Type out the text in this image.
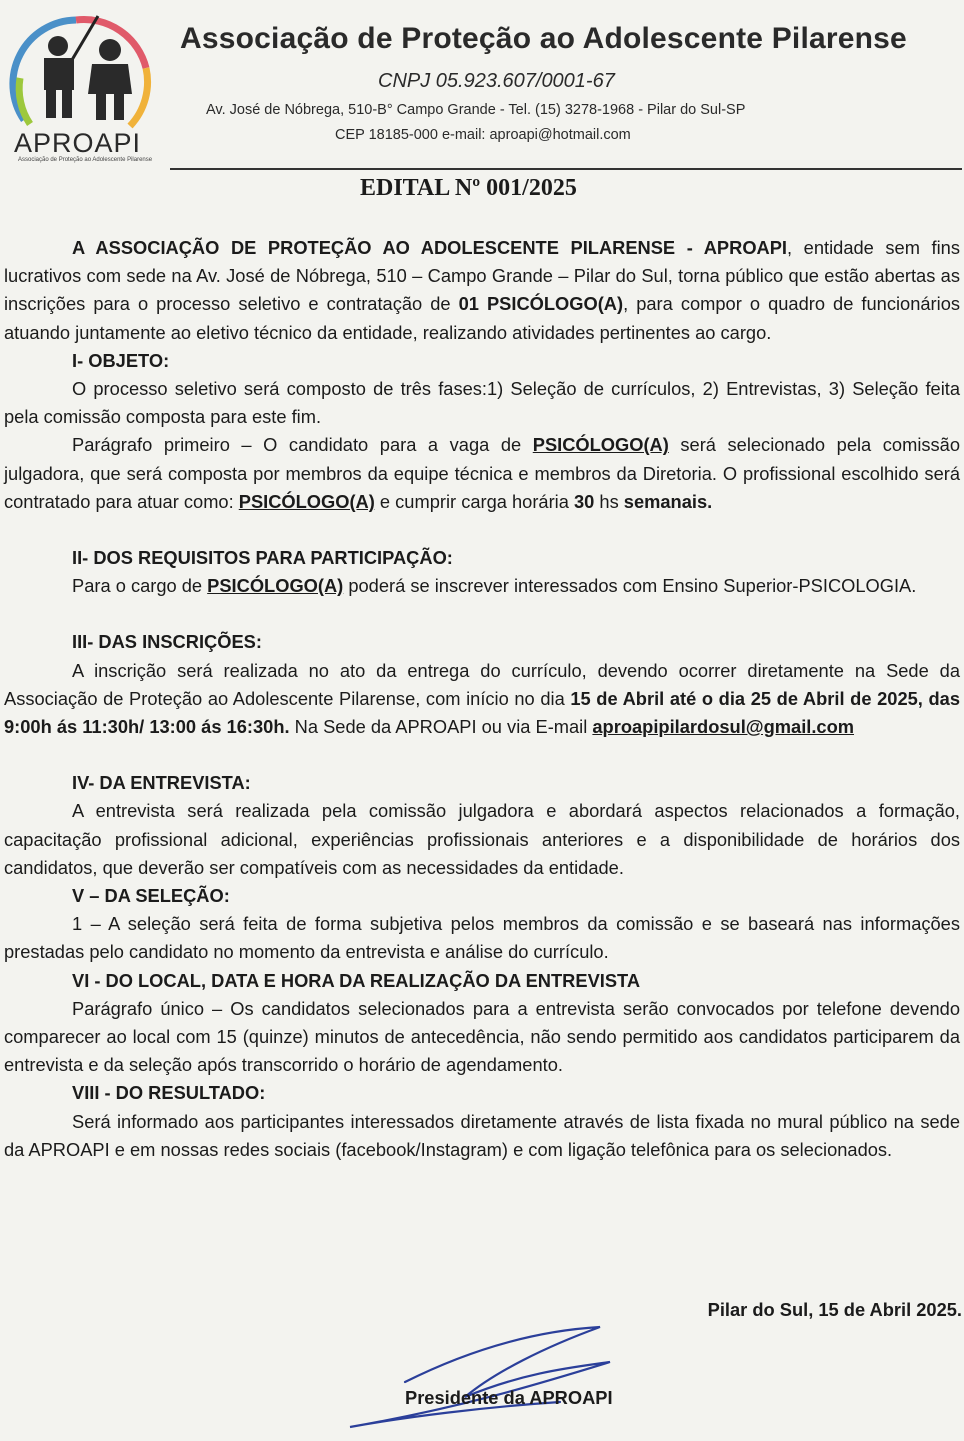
APROAPI
Associação de Proteção ao Adolescente Pilarense
Associação de Proteção ao Adolescente Pilarense
CNPJ 05.923.607/0001-67
Av. José de Nóbrega, 510-B° Campo Grande - Tel. (15) 3278-1968 - Pilar do Sul-SP
CEP 18185-000 e-mail: aproapi@hotmail.com
EDITAL Nº 001/2025

A ASSOCIAÇÃO DE PROTEÇÃO AO ADOLESCENTE PILARENSE - APROAPI, entidade sem fins lucrativos com sede na Av. José de Nóbrega, 510 – Campo Grande – Pilar do Sul, torna público que estão abertas as inscrições para o processo seletivo e contratação de 01 PSICÓLOGO(A), para compor o quadro de funcionários atuando juntamente ao eletivo técnico da entidade, realizando atividades pertinentes ao cargo.

I- OBJETO:

O processo seletivo será composto de três fases:1) Seleção de currículos, 2) Entrevistas, 3) Seleção feita pela comissão composta para este fim.

Parágrafo primeiro – O candidato para a vaga de PSICÓLOGO(A) será selecionado pela comissão julgadora, que será composta por membros da equipe técnica e membros da Diretoria. O profissional escolhido será contratado para atuar como: PSICÓLOGO(A) e cumprir carga horária 30 hs semanais.

II- DOS REQUISITOS PARA PARTICIPAÇÃO:

Para o cargo de PSICÓLOGO(A) poderá se inscrever interessados com Ensino Superior-PSICOLOGIA.

III- DAS INSCRIÇÕES:

A inscrição será realizada no ato da entrega do currículo, devendo ocorrer diretamente na Sede da Associação de Proteção ao Adolescente Pilarense, com início no dia 15 de Abril até o dia 25 de Abril de 2025, das 9:00h ás 11:30h/ 13:00 ás 16:30h. Na Sede da APROAPI ou via E-mail aproapipilardosul@gmail.com

IV- DA ENTREVISTA:

A entrevista será realizada pela comissão julgadora e abordará aspectos relacionados a formação, capacitação profissional adicional, experiências profissionais anteriores e a disponibilidade de horários dos candidatos, que deverão ser compatíveis com as necessidades da entidade.

V – DA SELEÇÃO:

1 – A seleção será feita de forma subjetiva pelos membros da comissão e se baseará nas informações prestadas pelo candidato no momento da entrevista e análise do currículo.

VI - DO LOCAL, DATA E HORA DA REALIZAÇÃO DA ENTREVISTA

Parágrafo único – Os candidatos selecionados para a entrevista serão convocados por telefone devendo comparecer ao local com 15 (quinze) minutos de antecedência, não sendo permitido aos candidatos participarem da entrevista e da seleção após transcorrido o horário de agendamento.

VIII - DO RESULTADO:

Será informado aos participantes interessados diretamente através de lista fixada no mural público na sede da APROAPI e em nossas redes sociais (facebook/Instagram) e com ligação telefônica para os selecionados.

Pilar do Sul, 15 de Abril 2025.
Presidente da APROAPI
